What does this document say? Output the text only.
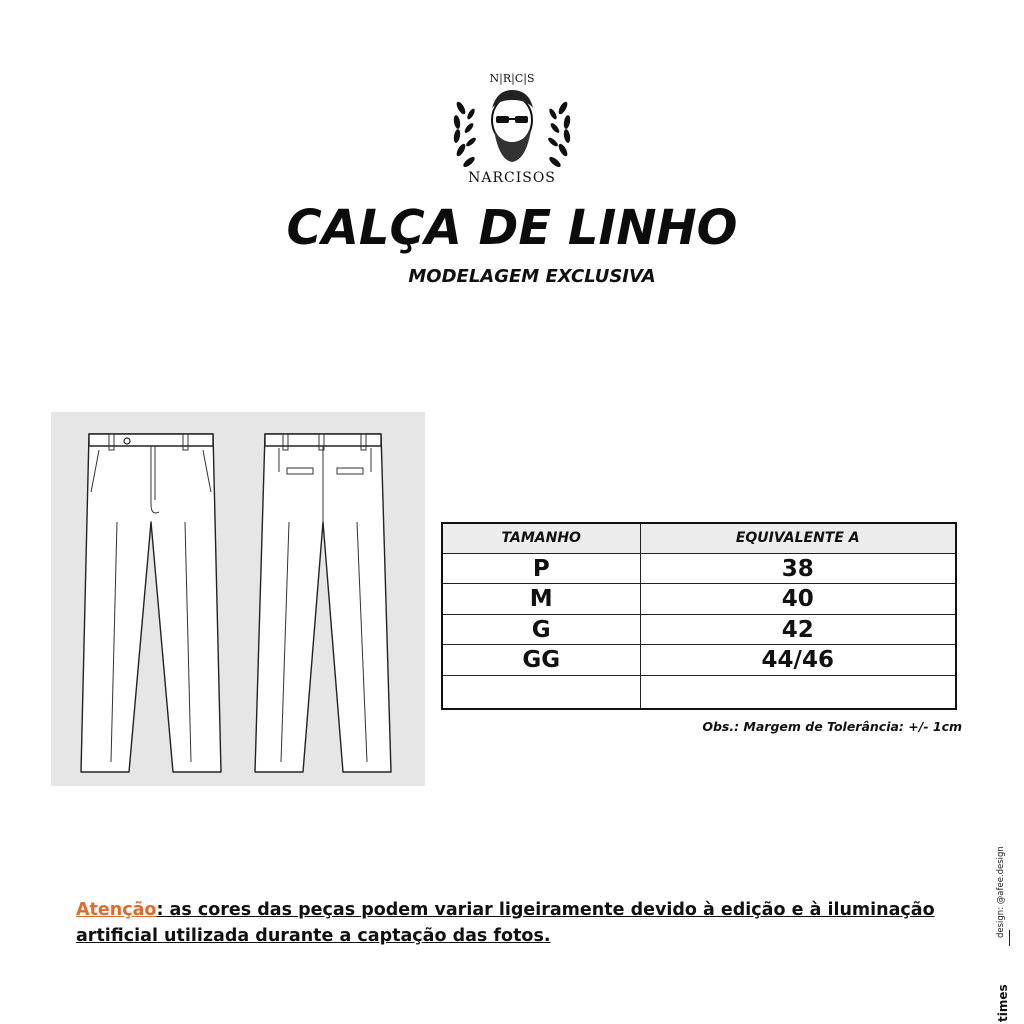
N|R|C|S
NARCISOS
CALÇA DE LINHO
MODELAGEM EXCLUSIVA
TAMANHO	EQUIVALENTE A
P	38
M	40
G	42
GG	44/46

Obs.: Margem de Tolerância: +/- 1cm
Atenção: as cores das peças podem variar ligeiramente devido à edição e à iluminação artificial utilizada durante a captação das fotos.	design: @afee.design
times
